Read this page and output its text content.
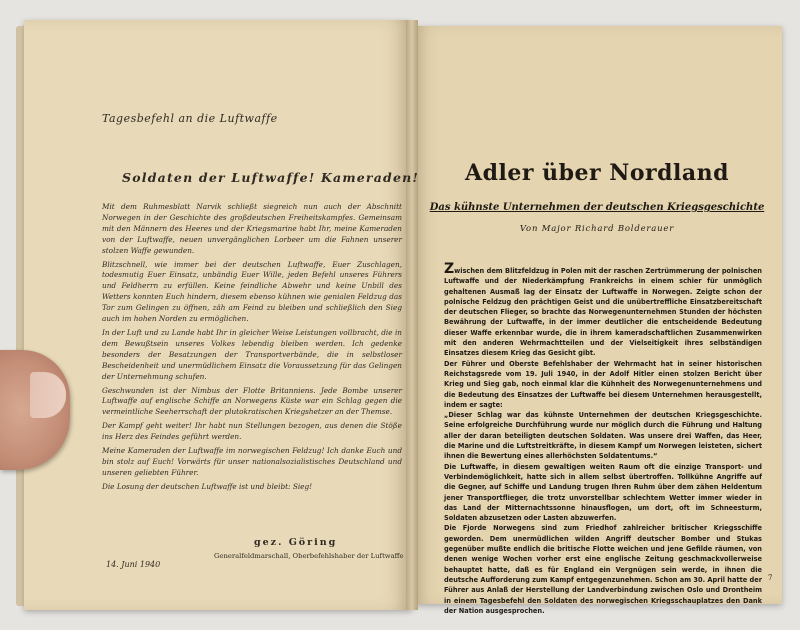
Tagesbefehl an die Luftwaffe
Soldaten der Luftwaffe! Kameraden!

Mit dem Ruhmesblatt Narvik schließt siegreich nun auch der Abschnitt Norwegen in der Geschichte des großdeutschen Freiheitskampfes. Gemeinsam mit den Männern des Heeres und der Kriegsmarine habt Ihr, meine Kameraden von der Luftwaffe, neuen unvergänglichen Lorbeer um die Fahnen unserer stolzen Waffe gewunden.

Blitzschnell, wie immer bei der deutschen Luftwaffe, Euer Zuschlagen, todesmutig Euer Einsatz, unbändig Euer Wille, jeden Befehl unseres Führers und Feldherrn zu erfüllen. Keine feindliche Abwehr und keine Unbill des Wetters konnten Euch hindern, diesem ebenso kühnen wie genialen Feldzug das Tor zum Gelingen zu öffnen, zäh am Feind zu bleiben und schließlich den Sieg auch im hohen Norden zu ermöglichen.

In der Luft und zu Lande habt Ihr in gleicher Weise Leistungen vollbracht, die in dem Bewußtsein unseres Volkes lebendig bleiben werden. Ich gedenke besonders der Besatzungen der Transportverbände, die in selbstloser Bescheidenheit und unermüdlichem Einsatz die Voraussetzung für das Gelingen der Unternehmung schufen.

Geschwunden ist der Nimbus der Flotte Britanniens. Jede Bombe unserer Luftwaffe auf englische Schiffe an Norwegens Küste war ein Schlag gegen die vermeintliche Seeherrschaft der plutokratischen Kriegshetzer an der Themse.

Der Kampf geht weiter! Ihr habt nun Stellungen bezogen, aus denen die Stöße ins Herz des Feindes geführt werden.

Meine Kameraden der Luftwaffe im norwegischen Feldzug! Ich danke Euch und bin stolz auf Euch! Vorwärts für unser nationalsozialistisches Deutschland und unseren geliebten Führer.

Die Losung der deutschen Luftwaffe ist und bleibt: Sieg!

gez. Göring
Generalfeldmarschall, Oberbefehlshaber der Luftwaffe
14. Juni 1940
Adler über Nordland
Das kühnste Unternehmen der deutschen Kriegsgeschichte
Von Major Richard Bolderauer

Zwischen dem Blitzfeldzug in Polen mit der raschen Zertrümmerung der polnischen Luftwaffe und der Niederkämpfung Frankreichs in einem schier für unmöglich gehaltenen Ausmaß lag der Einsatz der Luftwaffe in Norwegen. Zeigte schon der polnische Feldzug den prächtigen Geist und die unübertreffliche Einsatzbereitschaft der deutschen Flieger, so brachte das Norwegenunternehmen Stunden der höchsten Bewährung der Luftwaffe, in der immer deutlicher die entscheidende Bedeutung dieser Waffe erkennbar wurde, die in ihrem kameradschaftlichen Zusammenwirken mit den anderen Wehrmachtteilen und der Vielseitigkeit ihres selbständigen Einsatzes diesem Krieg das Gesicht gibt.

Der Führer und Oberste Befehlshaber der Wehrmacht hat in seiner historischen Reichstagsrede vom 19. Juli 1940, in der Adolf Hitler einen stolzen Bericht über Krieg und Sieg gab, noch einmal klar die Kühnheit des Norwegenunternehmens und die Bedeutung des Einsatzes der Luftwaffe bei diesem Unternehmen herausgestellt, indem er sagte:

„Dieser Schlag war das kühnste Unternehmen der deutschen Kriegsgeschichte. Seine erfolgreiche Durchführung wurde nur möglich durch die Führung und Haltung aller der daran beteiligten deutschen Soldaten. Was unsere drei Waffen, das Heer, die Marine und die Luftstreitkräfte, in diesem Kampf um Norwegen leisteten, sichert ihnen die Bewertung eines allerhöchsten Soldatentums.“

Die Luftwaffe, in diesem gewaltigen weiten Raum oft die einzige Transport- und Verbindemöglichkeit, hatte sich in allem selbst übertroffen. Tollkühne Angriffe auf die Gegner, auf Schiffe und Landung trugen Ihren Ruhm über dem zähen Heldentum jener Transportflieger, die trotz unvorstellbar schlechtem Wetter immer wieder in das Land der Mitternachtssonne hinausflogen, um dort, oft im Schneesturm, Soldaten abzusetzen oder Lasten abzuwerfen.

Die Fjorde Norwegens sind zum Friedhof zahlreicher britischer Kriegsschiffe geworden. Dem unermüdlichen wilden Angriff deutscher Bomber und Stukas gegenüber mußte endlich die britische Flotte weichen und jene Gefilde räumen, von denen wenige Wochen vorher erst eine englische Zeitung geschmackvollerweise behauptet hatte, daß es für England ein Vergnügen sein werde, in ihnen die deutsche Aufforderung zum Kampf entgegenzunehmen. Schon am 30. April hatte der Führer aus Anlaß der Herstellung der Landverbindung zwischen Oslo und Drontheim in einem Tagesbefehl den Soldaten des norwegischen Kriegsschauplatzes den Dank der Nation ausgesprochen.

7
